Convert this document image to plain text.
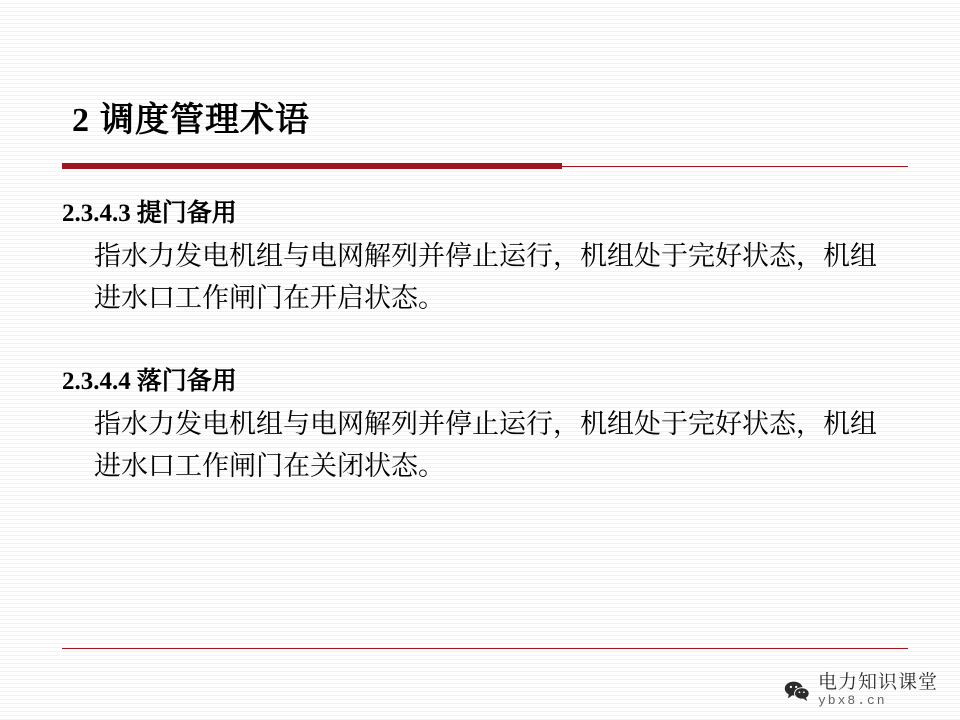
2 调度管理术语
2.3.4.3 提门备用
指水力发电机组与电网解列并停止运行，机组处于完好状态，机组进水口工作闸门在开启状态。
2.3.4.4 落门备用
指水力发电机组与电网解列并停止运行，机组处于完好状态，机组进水口工作闸门在关闭状态。
电力知识课堂
ybx8.cn
